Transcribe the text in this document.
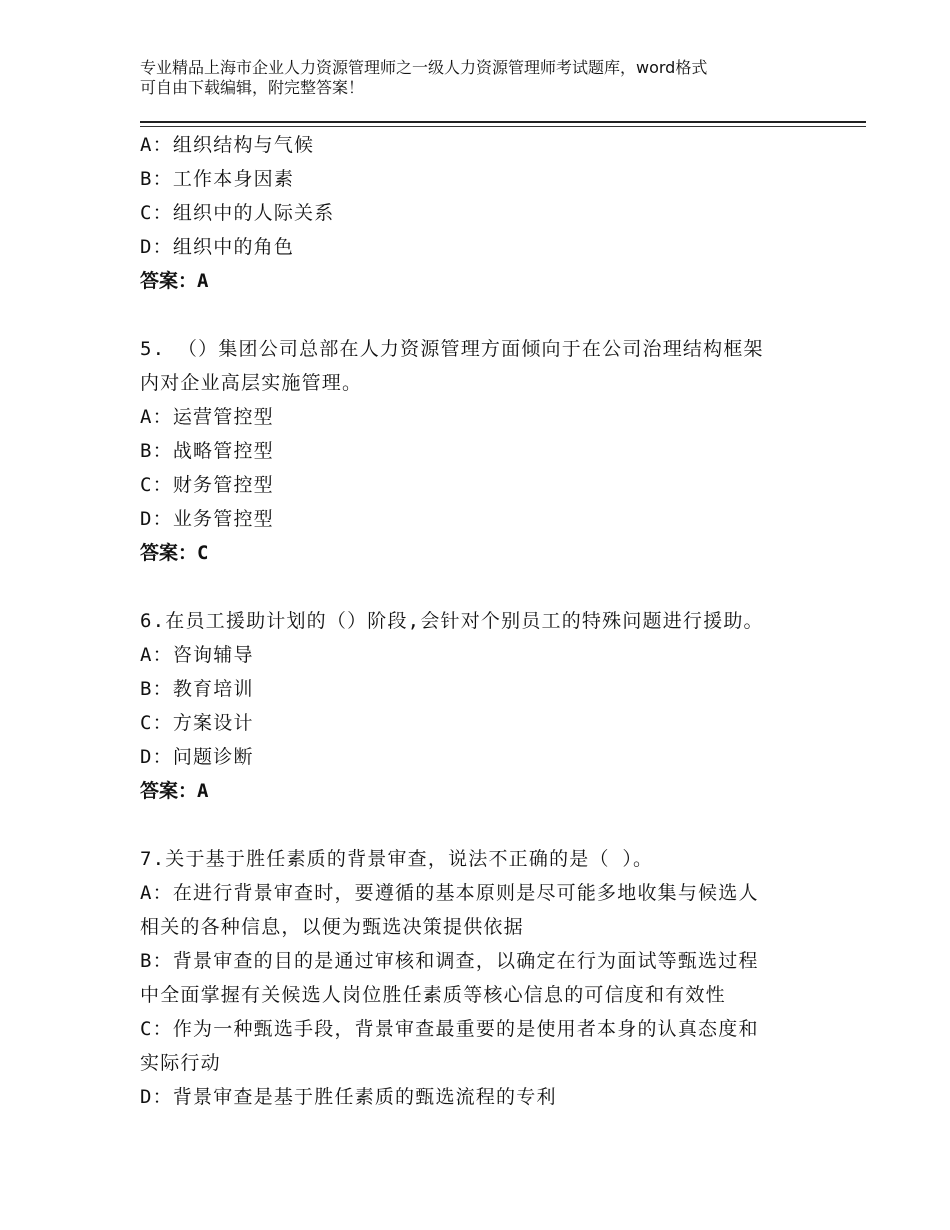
专业精品上海市企业人力资源管理师之一级人力资源管理师考试题库，word格式
可自由下载编辑，附完整答案！
A：组织结构与气候
B：工作本身因素
C：组织中的人际关系
D：组织中的角色
答案：A
5. （）集团公司总部在人力资源管理方面倾向于在公司治理结构框架
内对企业高层实施管理。
A：运营管控型
B：战略管控型
C：财务管控型
D：业务管控型
答案：C
6.在员工援助计划的（）阶段,会针对个别员工的特殊问题进行援助。
A：咨询辅导
B：教育培训
C：方案设计
D：问题诊断
答案：A
7.关于基于胜任素质的背景审查，说法不正确的是（ ）。
A：在进行背景审查时，要遵循的基本原则是尽可能多地收集与候选人
相关的各种信息，以便为甄选决策提供依据
B：背景审查的目的是通过审核和调查，以确定在行为面试等甄选过程
中全面掌握有关候选人岗位胜任素质等核心信息的可信度和有效性
C：作为一种甄选手段，背景审查最重要的是使用者本身的认真态度和
实际行动
D：背景审查是基于胜任素质的甄选流程的专利
